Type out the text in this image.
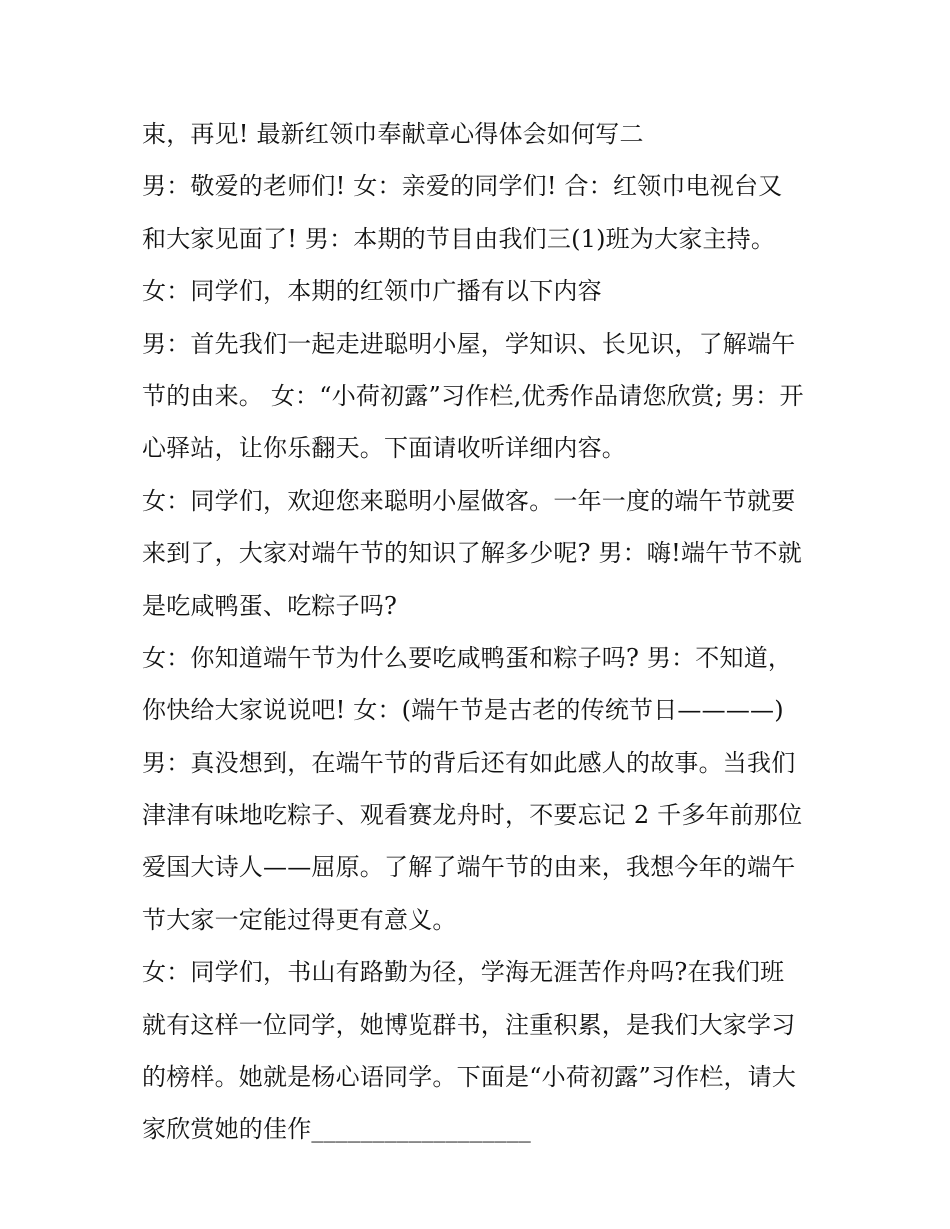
束，再见! 最新红领巾奉献章心得体会如何写二
男：敬爱的老师们! 女：亲爱的同学们! 合：红领巾电视台又
和大家见面了! 男：本期的节目由我们三(1)班为大家主持。
女：同学们，本期的红领巾广播有以下内容
男：首先我们一起走进聪明小屋，学知识、长见识，了解端午
节的由来。 女：“小荷初露”习作栏,优秀作品请您欣赏; 男：开
心驿站，让你乐翻天。下面请收听详细内容。
女：同学们，欢迎您来聪明小屋做客。一年一度的端午节就要
来到了，大家对端午节的知识了解多少呢? 男：嗨!端午节不就
是吃咸鸭蛋、吃粽子吗?
女：你知道端午节为什么要吃咸鸭蛋和粽子吗? 男：不知道，
你快给大家说说吧! 女：(端午节是古老的传统节日————)
男：真没想到，在端午节的背后还有如此感人的故事。当我们
津津有味地吃粽子、观看赛龙舟时，不要忘记 2 千多年前那位
爱国大诗人——屈原。了解了端午节的由来，我想今年的端午
节大家一定能过得更有意义。
女：同学们，书山有路勤为径，学海无涯苦作舟吗?在我们班
就有这样一位同学，她博览群书，注重积累，是我们大家学习
的榜样。她就是杨心语同学。下面是“小荷初露”习作栏，请大
家欣赏她的佳作__________________
